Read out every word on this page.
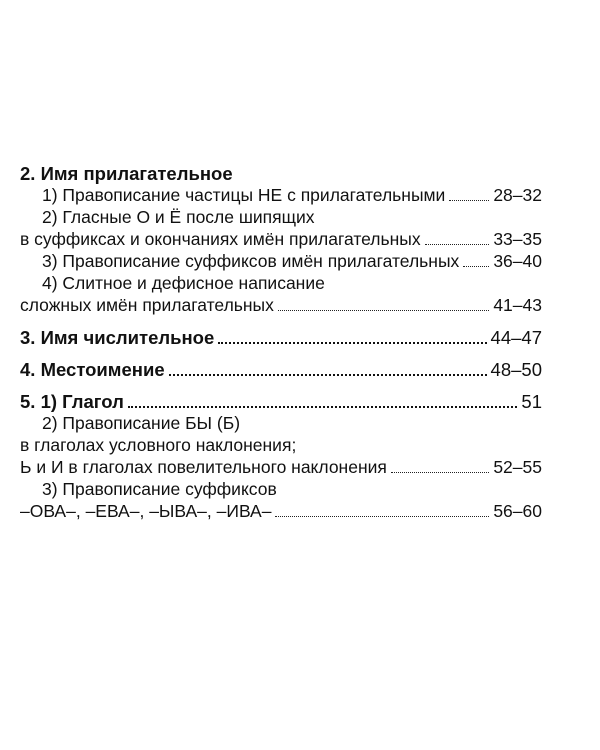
2. Имя прилагательное
1) Правописание частицы НЕ с прилагательными	28–32
2) Гласные О и Ё после шипящих
в суффиксах и окончаниях имён прилагательных	33–35
3) Правописание суффиксов имён прилагательных 36–40
4) Слитное и дефисное написание
сложных имён прилагательных	41–43
3. Имя числительное	44–47
4. Местоимение	48–50
5. 1) Глагол	51
2) Правописание БЫ (Б)
в глаголах условного наклонения;
Ь и И в глаголах повелительного наклонения	52–55
3) Правописание суффиксов
–ОВА–, –ЕВА–, –ЫВА–, –ИВА–	56–60
